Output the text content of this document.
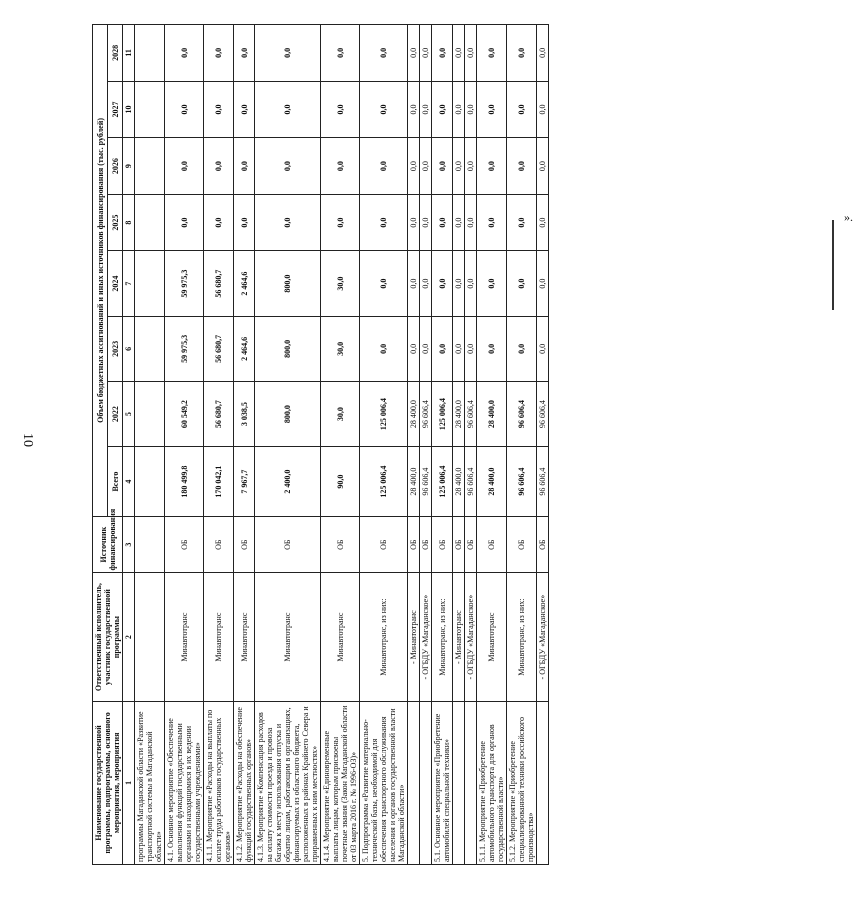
10
Наименование государственной программы, подпрограммы, основного мероприятия, мероприятия	Ответственный исполнитель, участник государственной программы	Источник финансирования	Объем бюджетных ассигнований и иных источников финансирования (тыс. рублей)							
			Всего	2022	2023	2024	2025	2026	2027	2028
1	2	3	4	5	6	7	8	9	10	11
программы Магаданской области «Развитие транспортной системы в Магаданской области»										
4.1. Основное мероприятие «Обеспечение выполнения функций государственными органами и находящимися в их ведении государственными учреждениями»	Минавтотранс	ОБ	180 499,8	60 549,2	59 975,3	59 975,3	0,0	0,0	0,0	0,0
4.1.1. Мероприятие «Расходы на выплаты по оплате труда работников государственных органов»	Минавтотранс	ОБ	170 042,1	56 680,7	56 680,7	56 680,7	0,0	0,0	0,0	0,0
4.1.2. Мероприятие «Расходы на обеспечение функций государственных органов»	Минавтотранс	ОБ	7 967,7	3 038,5	2 464,6	2 464,6	0,0	0,0	0,0	0,0
4.1.3. Мероприятие «Компенсация расходов на оплату стоимости проезда и провоза багажа к месту использования отпуска и обратно лицам, работающим в организациях, финансируемых из областного бюджета, расположенных в районах Крайнего Севера и приравненных к ним местностях»	Минавтотранс	ОБ	2 400,0	800,0	800,0	800,0	0,0	0,0	0,0	0,0
4.1.4. Мероприятие «Единовременные выплаты лицам, которым присвоены почетные звания (Закон Магаданской области от 03 марта 2016 г. № 1996-ОЗ)»	Минавтотранс	ОБ	90,0	30,0	30,0	30,0	0,0	0,0	0,0	0,0
5. Подпрограмма «Развитие материально-технической базы, необходимой для обеспечения транспортного обслуживания населения и органов государственной власти Магаданской области»	Минавтотранс, из них:	ОБ	125 006,4	125 006,4	0,0	0,0	0,0	0,0	0,0	0,0
	- Минавтотранс	ОБ	28 400,0	28 400,0	0,0	0,0	0,0	0,0	0,0	0,0
	- ОГБДУ «Магаданское»	ОБ	96 606,4	96 606,4	0,0	0,0	0,0	0,0	0,0	0,0
5.1. Основное мероприятие «Приобретение автомобилей специальной техники»	Минавтотранс, из них:	ОБ	125 006,4	125 006,4	0,0	0,0	0,0	0,0	0,0	0,0
	- Минавтотранс	ОБ	28 400,0	28 400,0	0,0	0,0	0,0	0,0	0,0	0,0
	- ОГБДУ «Магаданское»	ОБ	96 606,4	96 606,4	0,0	0,0	0,0	0,0	0,0	0,0
5.1.1. Мероприятие «Приобретение автомобильного транспорта для органов государственной власти»	Минавтотранс	ОБ	28 400,0	28 400,0	0,0	0,0	0,0	0,0	0,0	0,0
5.1.2. Мероприятие «Приобретение специализированной техники российского производства»	Минавтотранс, из них:	ОБ	96 606,4	96 606,4	0,0	0,0	0,0	0,0	0,0	0,0
	- ОГБДУ «Магаданское»	ОБ	96 606,4	96 606,4	0,0	0,0	0,0	0,0	0,0	0,0
».
